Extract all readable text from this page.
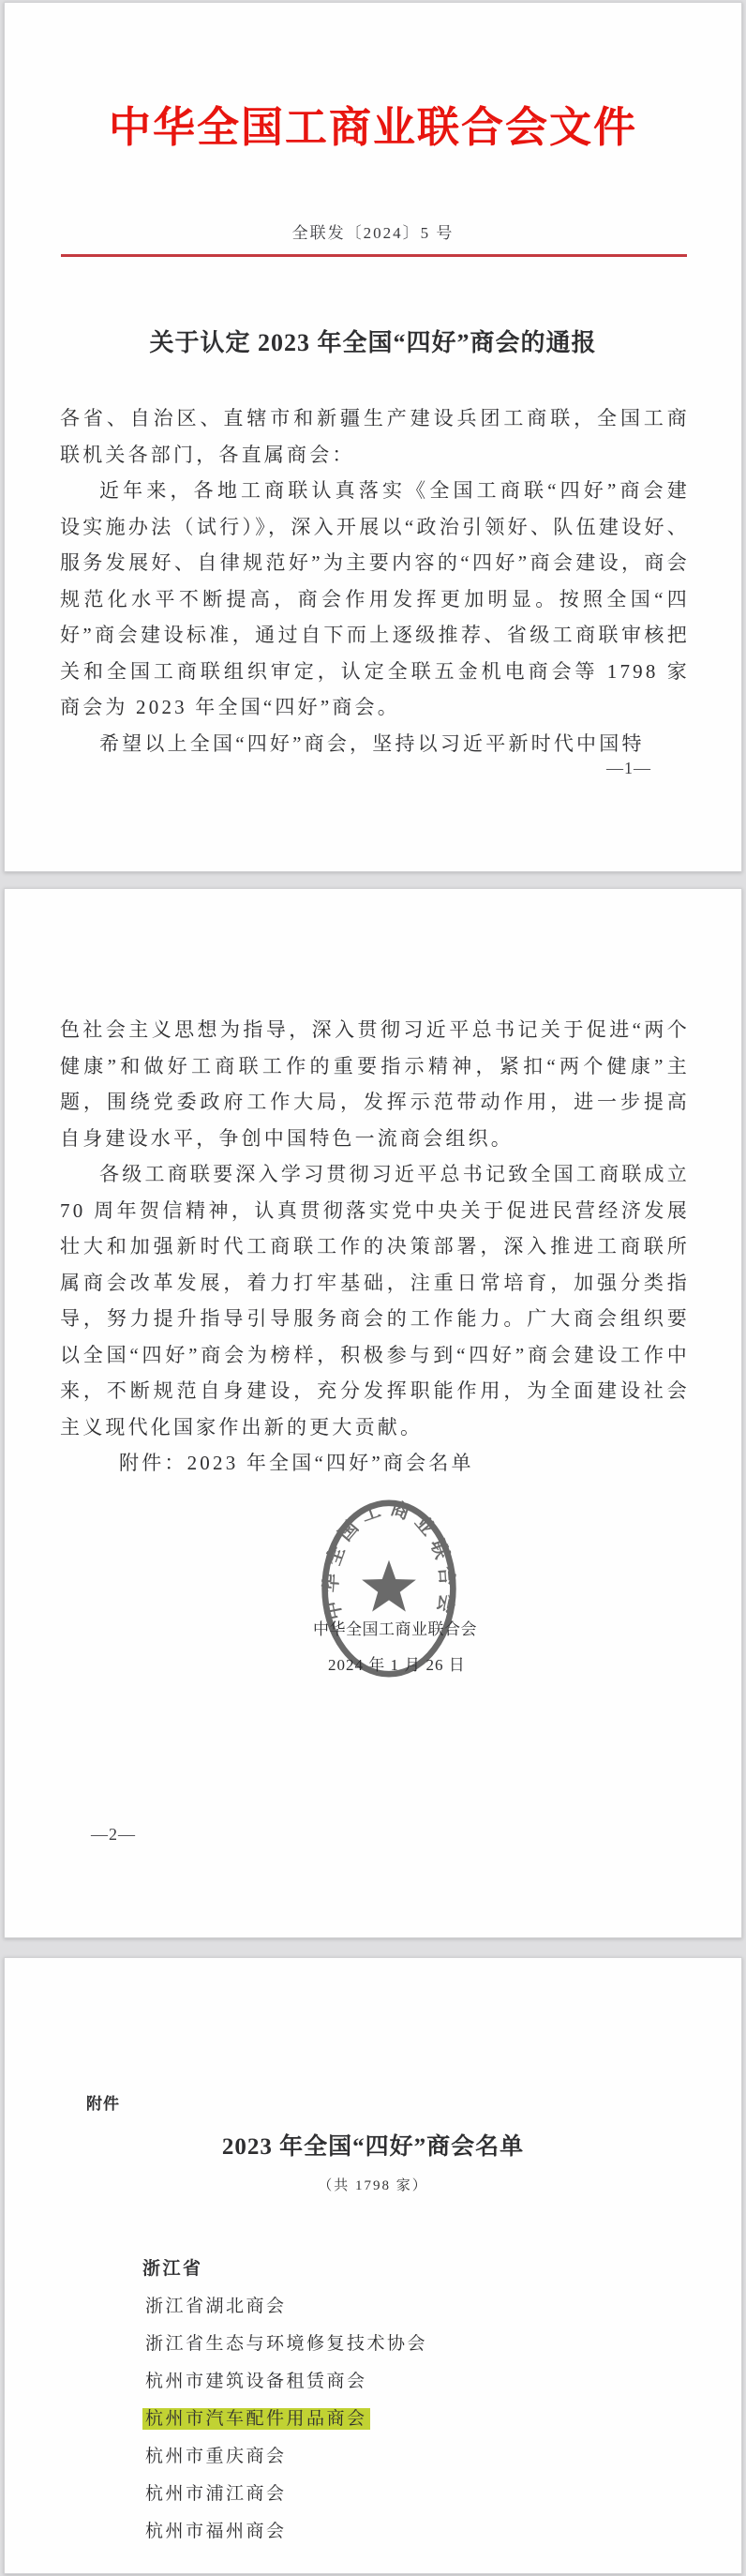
中华全国工商业联合会文件
全联发〔2024〕5 号
关于认定 2023 年全国“四好”商会的通报

各省、自治区、直辖市和新疆生产建设兵团工商联，全国工商联机关各部门，各直属商会：

近年来，各地工商联认真落实《全国工商联“四好”商会建设实施办法（试行）》，深入开展以“政治引领好、队伍建设好、服务发展好、自律规范好”为主要内容的“四好”商会建设，商会规范化水平不断提高，商会作用发挥更加明显。按照全国“四好”商会建设标准，通过自下而上逐级推荐、省级工商联审核把关和全国工商联组织审定，认定全联五金机电商会等 1798 家商会为 2023 年全国“四好”商会。

希望以上全国“四好”商会，坚持以习近平新时代中国特

—1—

色社会主义思想为指导，深入贯彻习近平总书记关于促进“两个健康”和做好工商联工作的重要指示精神，紧扣“两个健康”主题，围绕党委政府工作大局，发挥示范带动作用，进一步提高自身建设水平，争创中国特色一流商会组织。

各级工商联要深入学习贯彻习近平总书记致全国工商联成立 70 周年贺信精神，认真贯彻落实党中央关于促进民营经济发展壮大和加强新时代工商联工作的决策部署，深入推进工商联所属商会改革发展，着力打牢基础，注重日常培育，加强分类指导，努力提升指导引导服务商会的工作能力。广大商会组织要以全国“四好”商会为榜样，积极参与到“四好”商会建设工作中来，不断规范自身建设，充分发挥职能作用，为全面建设社会主义现代化国家作出新的更大贡献。

附件：2023 年全国“四好”商会名单

中华全国工商业联合会
中华全国工商业联合会
2024 年 1 月 26 日
—2—
附件
2023 年全国“四好”商会名单
（共 1798 家）
浙江省
浙江省湖北商会
浙江省生态与环境修复技术协会
杭州市建筑设备租赁商会
杭州市汽车配件用品商会
杭州市重庆商会
杭州市浦江商会
杭州市福州商会
